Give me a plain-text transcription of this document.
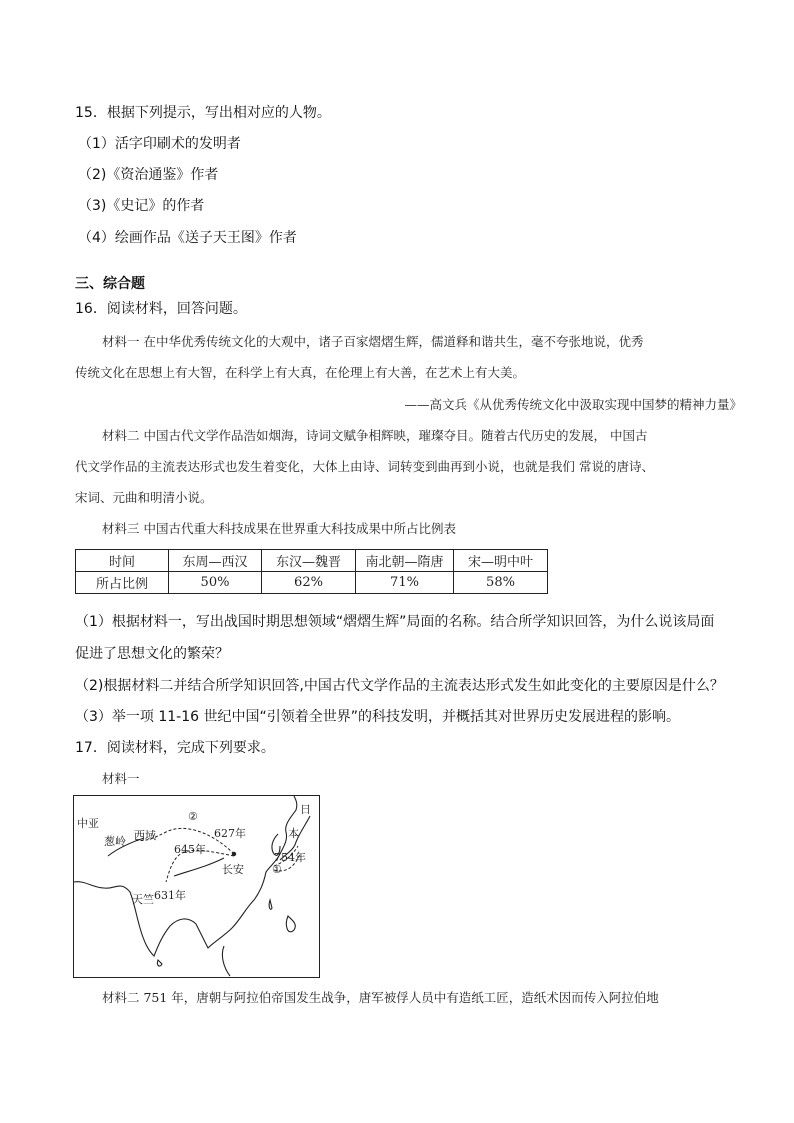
15．根据下列提示，写出相对应的人物。
（1）活字印刷术的发明者
（2)《资治通鉴》作者
（3)《史记》的作者
（4）绘画作品《送子天王图》作者
三、综合题
16．阅读材料，回答问题。
材料一 在中华优秀传统文化的大观中，诸子百家熠熠生辉，儒道释和谐共生，毫不夸张地说，优秀
传统文化在思想上有大智，在科学上有大真，在伦理上有大善，在艺术上有大美。
——高文兵《从优秀传统文化中汲取实现中国梦的精神力量》
材料二 中国古代文学作品浩如烟海，诗词文赋争相辉映，璀璨夺目。随着古代历史的发展， 中国古
代文学作品的主流表达形式也发生着变化，大体上由诗、词转变到曲再到小说，也就是我们 常说的唐诗、
宋词、元曲和明清小说。
材料三 中国古代重大科技成果在世界重大科技成果中所占比例表
时间	东周—西汉	东汉—魏晋	南北朝—隋唐	宋—明中叶
所占比例	50%	62%	71%	58%
（1）根据材料一，写出战国时期思想领域“熠熠生辉”局面的名称。结合所学知识回答，为什么说该局面
促进了思想文化的繁荣？
（2)根据材料二并结合所学知识回答,中国古代文学作品的主流表达形式发生如此变化的主要原因是什么？
（3）举一项 11-16 世纪中国“引领着全世界”的科技发明，并概括其对世界历史发展进程的影响。
17．阅读材料，完成下列要求。
材料一
中亚
葱岭 西域	627年
645年
长安
天竺 631年
日
本
754年
②
①
材料二 751 年，唐朝与阿拉伯帝国发生战争，唐军被俘人员中有造纸工匠，造纸术因而传入阿拉伯地
